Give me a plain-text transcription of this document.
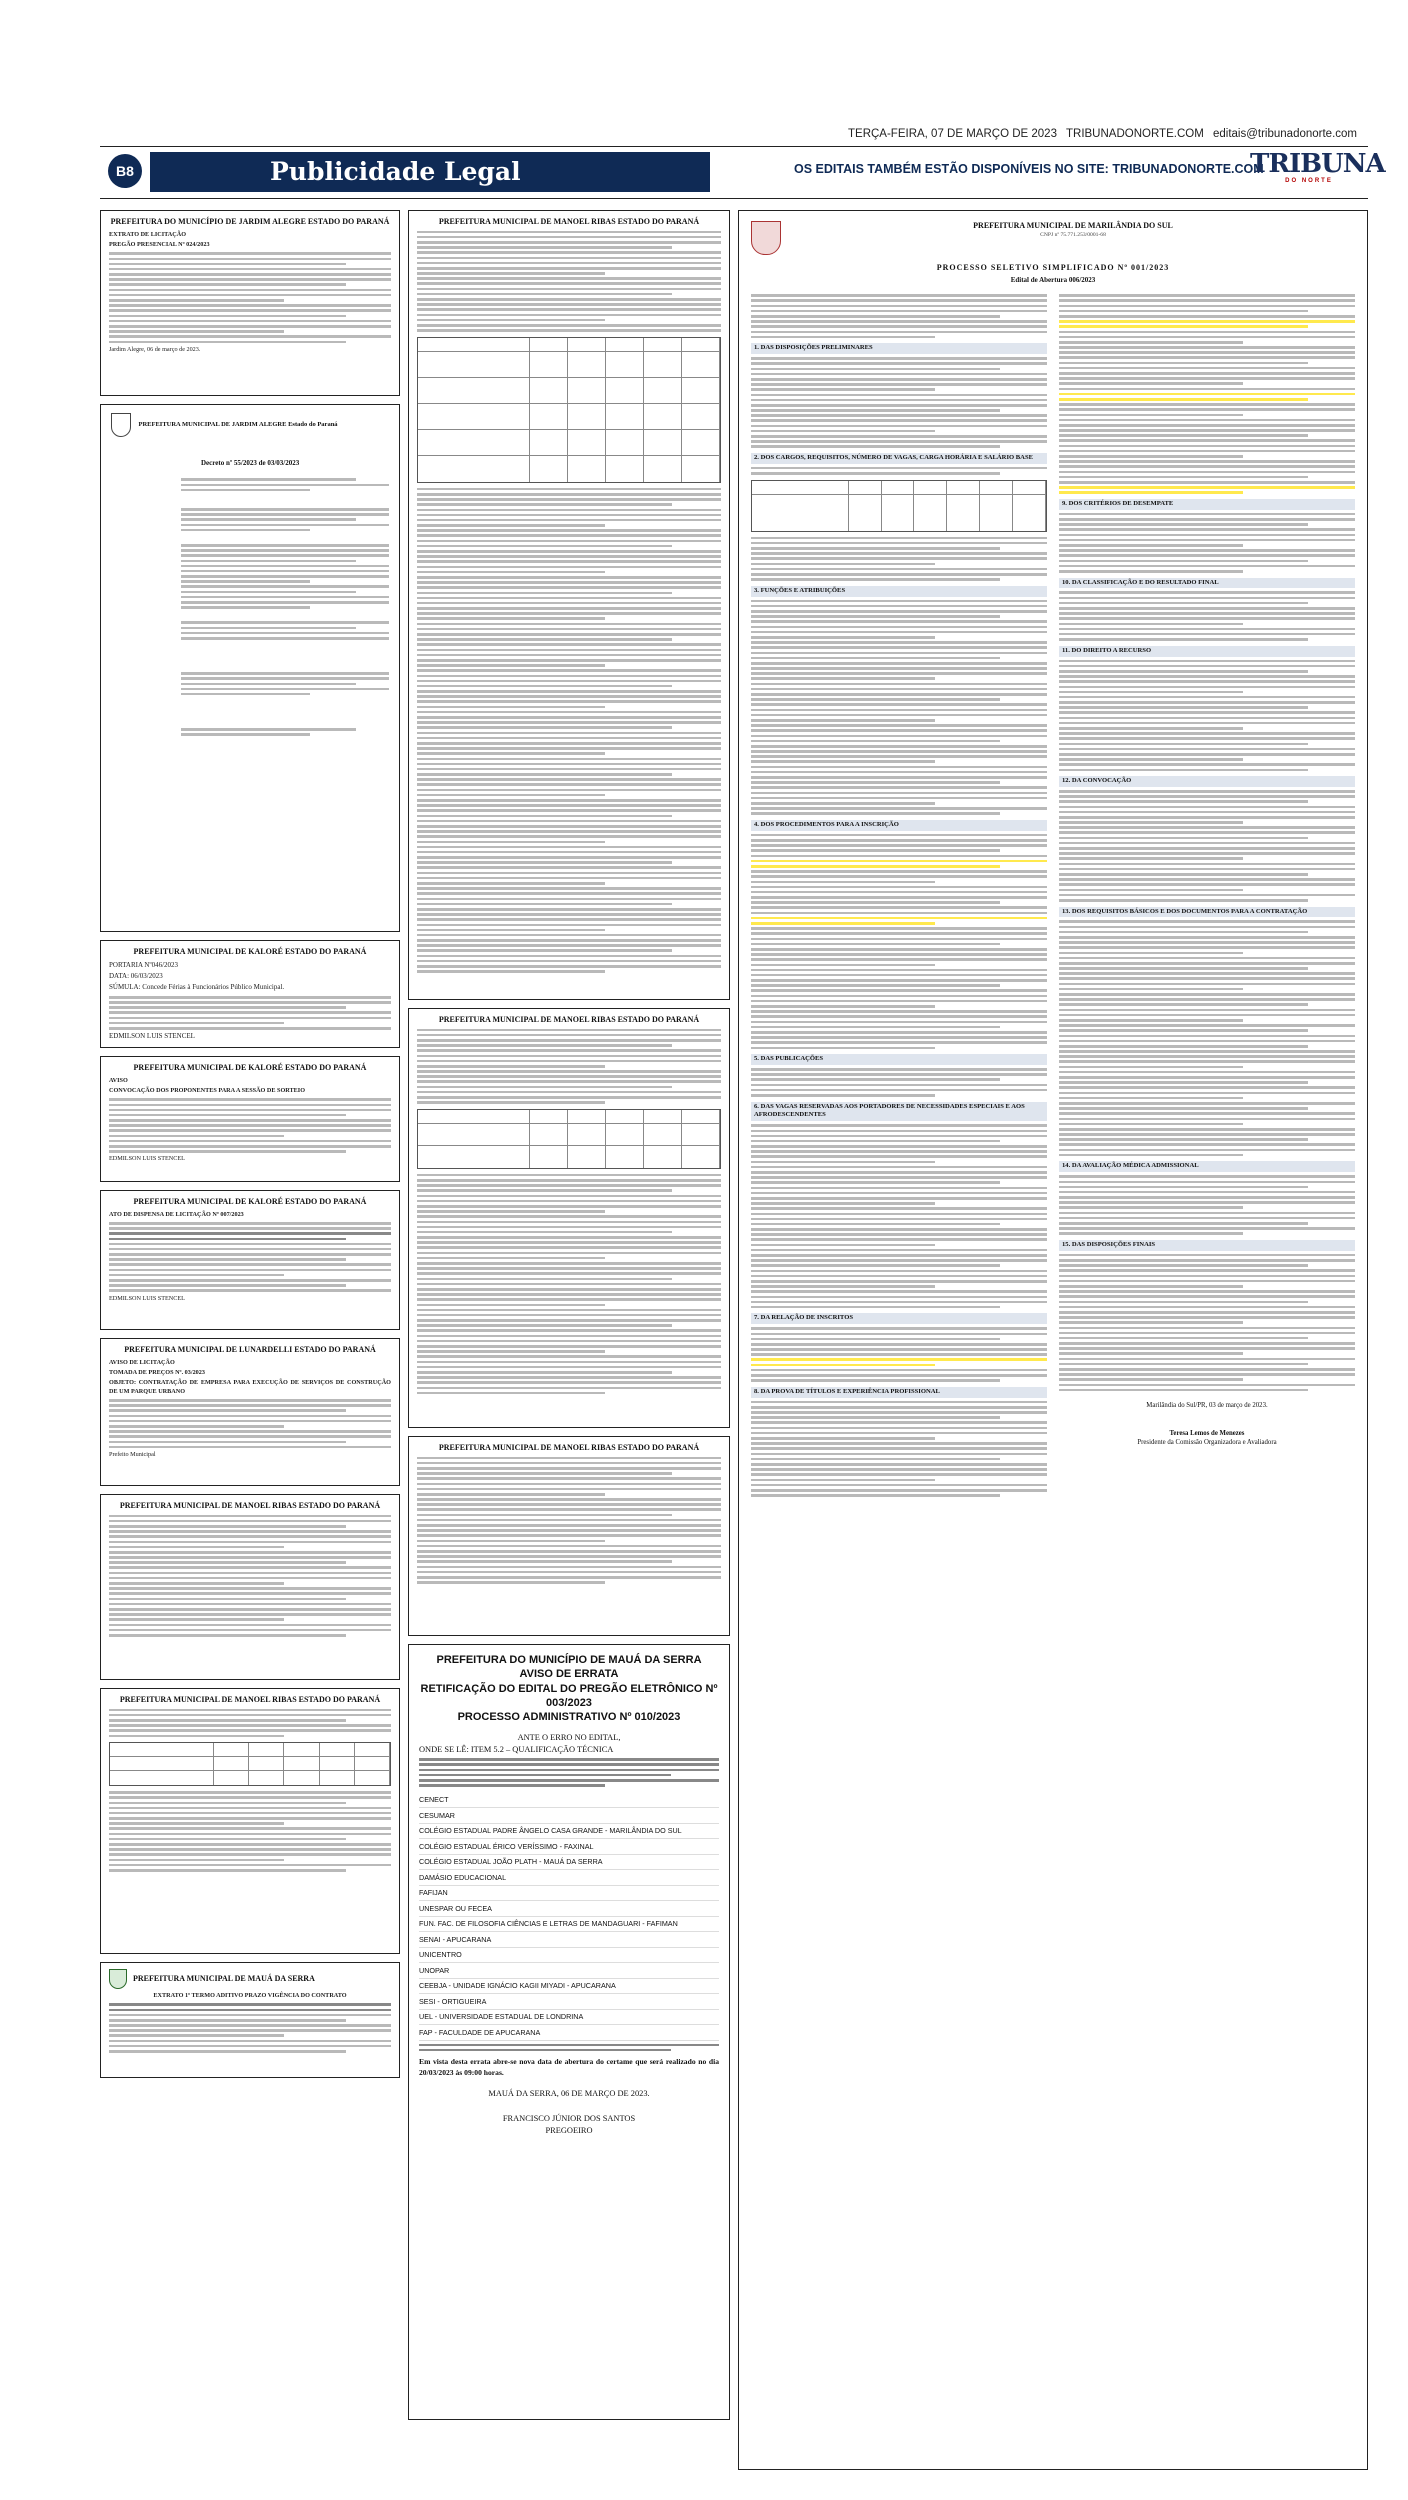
TERÇA-FEIRA, 07 DE MARÇO DE 2023 TRIBUNADONORTE.COM editais@tribunadonorte.com
B8	Publicidade Legal	OS EDITAIS TAMBÉM ESTÃO DISPONÍVEIS NO SITE: TRIBUNADONORTE.COM
TRIBUNA
DO NORTE
PREFEITURA DO MUNICÍPIO DE JARDIM ALEGRE ESTADO DO PARANÁ

EXTRATO DE LICITAÇÃO

PREGÃO PRESENCIAL Nº 024/2023

Jardim Alegre, 06 de março de 2023.

PREFEITURA MUNICIPAL DE JARDIM ALEGRE Estado do Paraná
Decreto nº 55/2023 de 03/03/2023
PREFEITURA MUNICIPAL DE KALORÉ ESTADO DO PARANÁ

PORTARIA Nº046/2023

DATA: 06/03/2023

SÚMULA: Concede Férias à Funcionários Público Municipal.

EDMILSON LUIS STENCEL

PREFEITURA MUNICIPAL DE KALORÉ ESTADO DO PARANÁ

AVISO

CONVOCAÇÃO DOS PROPONENTES PARA A SESSÃO DE SORTEIO

EDMILSON LUIS STENCEL

PREFEITURA MUNICIPAL DE KALORÉ ESTADO DO PARANÁ

ATO DE DISPENSA DE LICITAÇÃO Nº 007/2023

EDMILSON LUIS STENCEL

PREFEITURA MUNICIPAL DE LUNARDELLI ESTADO DO PARANÁ

AVISO DE LICITAÇÃO

TOMADA DE PREÇOS Nº. 03/2023

OBJETO: CONTRATAÇÃO DE EMPRESA PARA EXECUÇÃO DE SERVIÇOS DE CONSTRUÇÃO DE UM PARQUE URBANO

Prefeito Municipal

PREFEITURA MUNICIPAL DE MANOEL RIBAS ESTADO DO PARANÁ
PREFEITURA MUNICIPAL DE MANOEL RIBAS ESTADO DO PARANÁ
PREFEITURA MUNICIPAL DE MAUÁ DA SERRA

EXTRATO 1º TERMO ADITIVO PRAZO VIGÊNCIA DO CONTRATO

PREFEITURA MUNICIPAL DE MANOEL RIBAS ESTADO DO PARANÁ
PREFEITURA MUNICIPAL DE MANOEL RIBAS ESTADO DO PARANÁ
PREFEITURA MUNICIPAL DE MANOEL RIBAS ESTADO DO PARANÁ
PREFEITURA DO MUNICÍPIO DE MAUÁ DA SERRA
AVISO DE ERRATA
RETIFICAÇÃO DO EDITAL DO PREGÃO ELETRÔNICO Nº 003/2023
PROCESSO ADMINISTRATIVO Nº 010/2023
ANTE O ERRO NO EDITAL,
ONDE SE LÊ: ITEM 5.2 – QUALIFICAÇÃO TÉCNICA
CENECT
CESUMAR
COLÉGIO ESTADUAL PADRE ÂNGELO CASA GRANDE - MARILÂNDIA DO SUL
COLÉGIO ESTADUAL ÉRICO VERÍSSIMO - FAXINAL
COLÉGIO ESTADUAL JOÃO PLATH - MAUÁ DA SERRA
DAMÁSIO EDUCACIONAL
FAFIJAN
UNESPAR OU FECEA
FUN. FAC. DE FILOSOFIA CIÊNCIAS E LETRAS DE MANDAGUARI - FAFIMAN
SENAI - APUCARANA
UNICENTRO
UNOPAR
CEEBJA - UNIDADE IGNÁCIO KAGII MIYADI - APUCARANA
SESI - ORTIGUEIRA
UEL - UNIVERSIDADE ESTADUAL DE LONDRINA
FAP - FACULDADE DE APUCARANA
Em vista desta errata abre-se nova data de abertura do certame que será realizado no dia 20/03/2023 às 09:00 horas.
MAUÁ DA SERRA, 06 DE MARÇO DE 2023.
FRANCISCO JÚNIOR DOS SANTOS
PREGOEIRO
PREFEITURA MUNICIPAL DE MARILÂNDIA DO SUL
CNPJ nº 75.771.253/0001-68
PROCESSO SELETIVO SIMPLIFICADO Nº 001/2023
Edital de Abertura 006/2023
1. DAS DISPOSIÇÕES PRELIMINARES
2. DOS CARGOS, REQUISITOS, NÚMERO DE VAGAS, CARGA HORÁRIA E SALÁRIO BASE
3. FUNÇÕES E ATRIBUIÇÕES
4. DOS PROCEDIMENTOS PARA A INSCRIÇÃO
5. DAS PUBLICAÇÕES
6. DAS VAGAS RESERVADAS AOS PORTADORES DE NECESSIDADES ESPECIAIS E AOS AFRODESCENDENTES
7. DA RELAÇÃO DE INSCRITOS
8. DA PROVA DE TÍTULOS E EXPERIÊNCIA PROFISSIONAL
9. DOS CRITÉRIOS DE DESEMPATE
10. DA CLASSIFICAÇÃO E DO RESULTADO FINAL
11. DO DIREITO A RECURSO
12. DA CONVOCAÇÃO
13. DOS REQUISITOS BÁSICOS E DOS DOCUMENTOS PARA A CONTRATAÇÃO
14. DA AVALIAÇÃO MÉDICA ADMISSIONAL
15. DAS DISPOSIÇÕES FINAIS
Marilândia do Sul/PR, 03 de março de 2023.
Teresa Lemos de Menezes
Presidente da Comissão Organizadora e Avaliadora
